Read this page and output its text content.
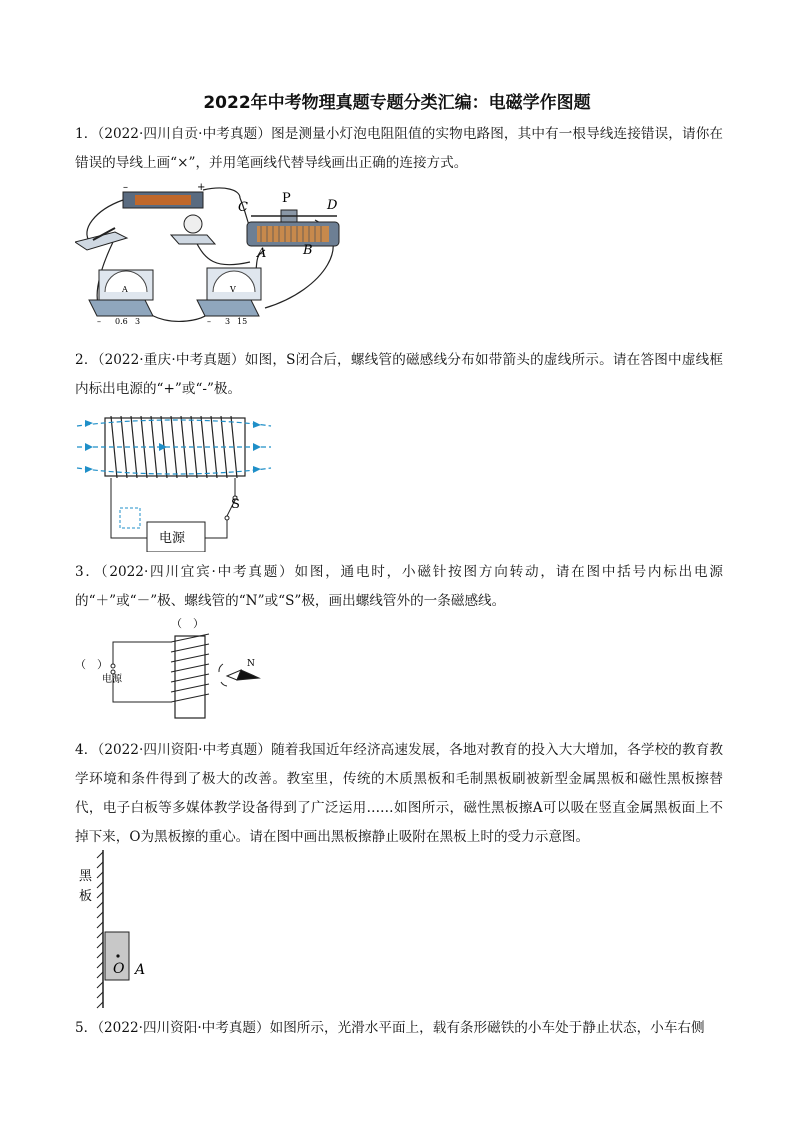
2022年中考物理真题专题分类汇编：电磁学作图题
1．（2022·四川自贡·中考真题）图是测量小灯泡电阻阻值的实物电路图，其中有一根导线连接错误，请你在错误的导线上画“×”，并用笔画线代替导线画出正确的连接方式。
–	+
C
P	D
A	B
A
– 0.6 3
V
– 3 15
2．（2022·重庆·中考真题）如图，S闭合后，螺线管的磁感线分布如带箭头的虚线所示。请在答图中虚线框内标出电源的“+”或“-”极。
S
电源
3．（2022·四川宜宾·中考真题）如图，通电时，小磁针按图方向转动，请在图中括号内标出电源的“＋”或“－”极、螺线管的“N”或“S”极，画出螺线管外的一条磁感线。
（　）
（　）
电源
N
4．（2022·四川资阳·中考真题）随着我国近年经济高速发展，各地对教育的投入大大增加，各学校的教育教学环境和条件得到了极大的改善。教室里，传统的木质黑板和毛制黑板刷被新型金属黑板和磁性黑板擦替代，电子白板等多媒体教学设备得到了广泛运用……如图所示，磁性黑板擦A可以吸在竖直金属黑板面上不掉下来，O为黑板擦的重心。请在图中画出黑板擦静止吸附在黑板上时的受力示意图。
黑
板
O A
5．（2022·四川资阳·中考真题）如图所示，光滑水平面上，载有条形磁铁的小车处于静止状态，小车右侧
